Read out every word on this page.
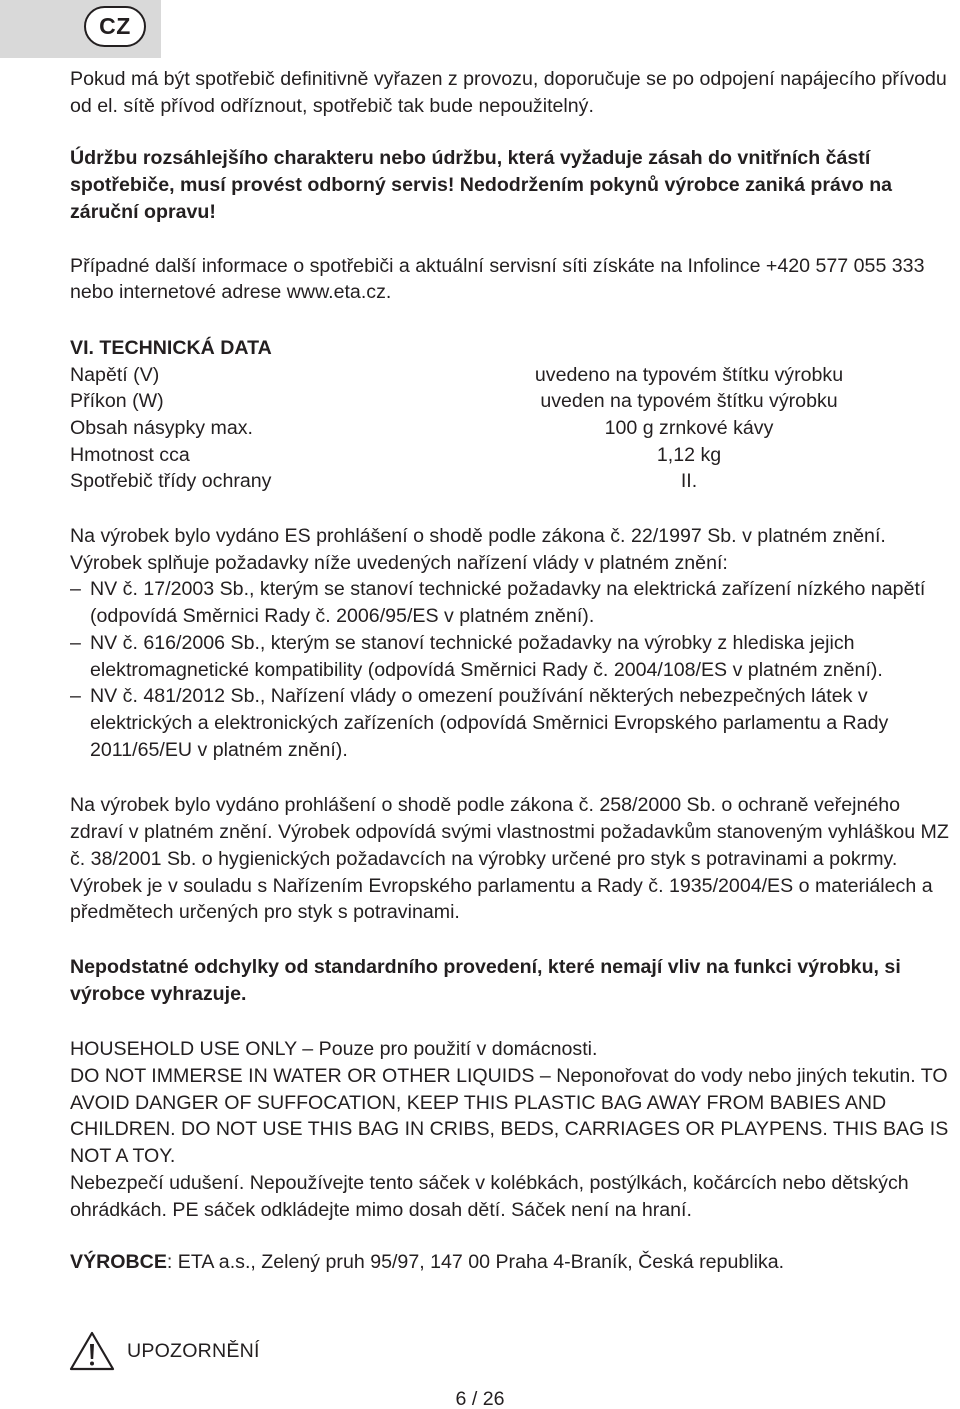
CZ

Pokud má být spotřebič definitivně vyřazen z provozu, doporučuje se po odpojení napájecího přívodu od el. sítě přívod odříznout, spotřebič tak bude nepoužitelný.

Údržbu rozsáhlejšího charakteru nebo údržbu, která vyžaduje zásah do vnitřních částí spotřebiče, musí provést odborný servis! Nedodržením pokynů výrobce zaniká právo na záruční opravu!

Případné další informace o spotřebiči a aktuální servisní síti získáte na Infolince +420 577 055 333 nebo internetové adrese www.eta.cz.

VI. TECHNICKÁ DATA

Napětí (V)	uvedeno na typovém štítku výrobku
Příkon (W)	uveden na typovém štítku výrobku
Obsah násypky max.	100 g zrnkové kávy
Hmotnost cca	1,12 kg
Spotřebič třídy ochrany	II.

Na výrobek bylo vydáno ES prohlášení o shodě podle zákona č. 22/1997 Sb. v platném znění. Výrobek splňuje požadavky níže uvedených nařízení vlády v platném znění:

– NV č. 17/2003 Sb., kterým se stanoví technické požadavky na elektrická zařízení nízkého napětí (odpovídá Směrnici Rady č. 2006/95/ES v platném znění).
– NV č. 616/2006 Sb., kterým se stanoví technické požadavky na výrobky z hlediska jejich elektromagnetické kompatibility (odpovídá Směrnici Rady č. 2004/108/ES v platném znění).
– NV č. 481/2012 Sb., Nařízení vlády o omezení používání některých nebezpečných látek v elektrických a elektronických zařízeních (odpovídá Směrnici Evropského parlamentu a Rady 2011/65/EU v platném znění).

Na výrobek bylo vydáno prohlášení o shodě podle zákona č. 258/2000 Sb. o ochraně veřejného zdraví v platném znění. Výrobek odpovídá svými vlastnostmi požadavkům stanoveným vyhláškou MZ č. 38/2001 Sb. o hygienických požadavcích na výrobky určené pro styk s potravinami a pokrmy. Výrobek je v souladu s Nařízením Evropského parlamentu a Rady č. 1935/2004/ES o materiálech a předmětech určených pro styk s potravinami.

Nepodstatné odchylky od standardního provedení, které nemají vliv na funkci výrobku, si výrobce vyhrazuje.

HOUSEHOLD USE ONLY – Pouze pro použití v domácnosti.

DO NOT IMMERSE IN WATER OR OTHER LIQUIDS – Neponořovat do vody nebo jiných tekutin. TO AVOID DANGER OF SUFFOCATION, KEEP THIS PLASTIC BAG AWAY FROM BABIES AND CHILDREN. DO NOT USE THIS BAG IN CRIBS, BEDS, CARRIAGES OR PLAYPENS. THIS BAG IS NOT A TOY.

Nebezpečí udušení. Nepoužívejte tento sáček v kolébkách, postýlkách, kočárcích nebo dětských ohrádkách. PE sáček odkládejte mimo dosah dětí. Sáček není na hraní.

VÝROBCE: ETA a.s., Zelený pruh 95/97, 147 00 Praha 4-Braník, Česká republika.

UPOZORNĚNÍ
6 / 26
